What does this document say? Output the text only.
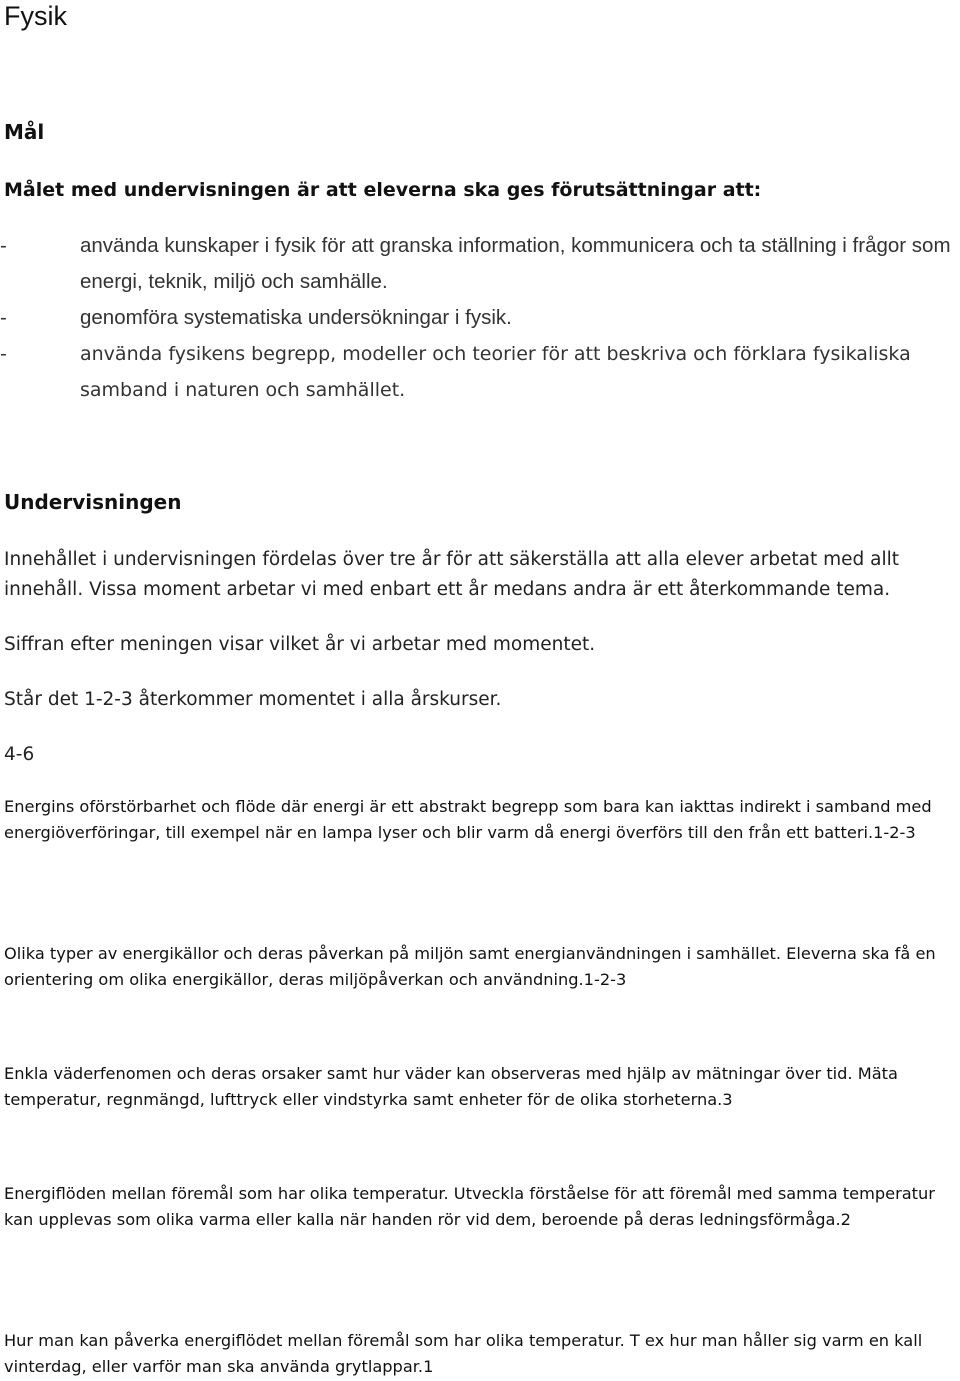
Fysik
Mål
Målet med undervisningen är att eleverna ska ges förutsättningar att:
-	använda kunskaper i fysik för att granska information, kommunicera och ta ställning i frågor som energi, teknik, miljö och samhälle.
-	genomföra systematiska undersökningar i fysik.
-	använda fysikens begrepp, modeller och teorier för att beskriva och förklara fysikaliska samband i naturen och samhället.
Undervisningen

Innehållet i undervisningen fördelas över tre år för att säkerställa att alla elever arbetat med allt innehåll. Vissa moment arbetar vi med enbart ett år medans andra är ett återkommande tema.

Siffran efter meningen visar vilket år vi arbetar med momentet.

Står det 1-2-3 återkommer momentet i alla årskurser.

4-6

Energins oförstörbarhet och flöde där energi är ett abstrakt begrepp som bara kan iakttas indirekt i samband med energiöverföringar, till exempel när en lampa lyser och blir varm då energi överförs till den från ett batteri.1-2-3

Olika typer av energikällor och deras påverkan på miljön samt energianvändningen i samhället. Eleverna ska få en orientering om olika energikällor, deras miljöpåverkan och användning.1-2-3

Enkla väderfenomen och deras orsaker samt hur väder kan observeras med hjälp av mätningar över tid. Mäta temperatur, regnmängd, lufttryck eller vindstyrka samt enheter för de olika storheterna.3

Energiflöden mellan föremål som har olika temperatur. Utveckla förståelse för att föremål med samma temperatur kan upplevas som olika varma eller kalla när handen rör vid dem, beroende på deras ledningsförmåga.2

Hur man kan påverka energiflödet mellan föremål som har olika temperatur. T ex hur man håller sig varm en kall vinterdag, eller varför man ska använda grytlappar.1
